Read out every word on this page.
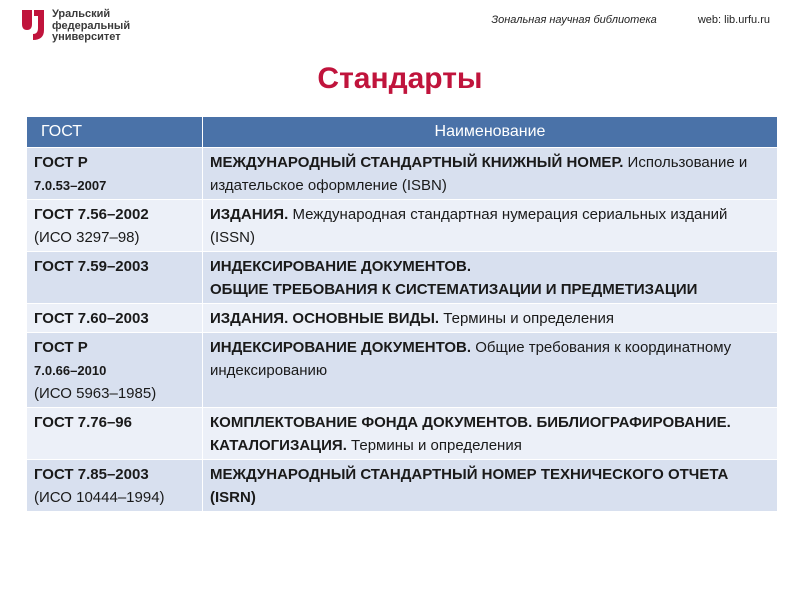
Уральский
федеральный
университет
Зональная научная библиотека	web: lib.urfu.ru
Стандарты
ГОСТ	Наименование

ГОСТ Р
7.0.53–2007	МЕЖДУНАРОДНЫЙ СТАНДАРТНЫЙ КНИЖНЫЙ НОМЕР. Использование и издательское оформление (ISBN)

ГОСТ 7.56–2002
(ИСО 3297–98)	ИЗДАНИЯ. Международная стандартная нумерация сериальных изданий (ISSN)

ГОСТ 7.59–2003	ИНДЕКСИРОВАНИЕ ДОКУМЕНТОВ.
ОБЩИЕ ТРЕБОВАНИЯ К СИСТЕМАТИЗАЦИИ И ПРЕДМЕТИЗАЦИИ

ГОСТ 7.60–2003	ИЗДАНИЯ. ОСНОВНЫЕ ВИДЫ. Термины и определения

ГОСТ Р
7.0.66–2010
(ИСО 5963–1985)	ИНДЕКСИРОВАНИЕ ДОКУМЕНТОВ. Общие требования к координатному индексированию

ГОСТ 7.76–96	КОМПЛЕКТОВАНИЕ ФОНДА ДОКУМЕНТОВ. БИБЛИОГРАФИРОВАНИЕ. КАТАЛОГИЗАЦИЯ. Термины и определения

ГОСТ 7.85–2003
(ИСО 10444–1994)	МЕЖДУНАРОДНЫЙ СТАНДАРТНЫЙ НОМЕР ТЕХНИЧЕСКОГО ОТЧЕТА (ISRN)
